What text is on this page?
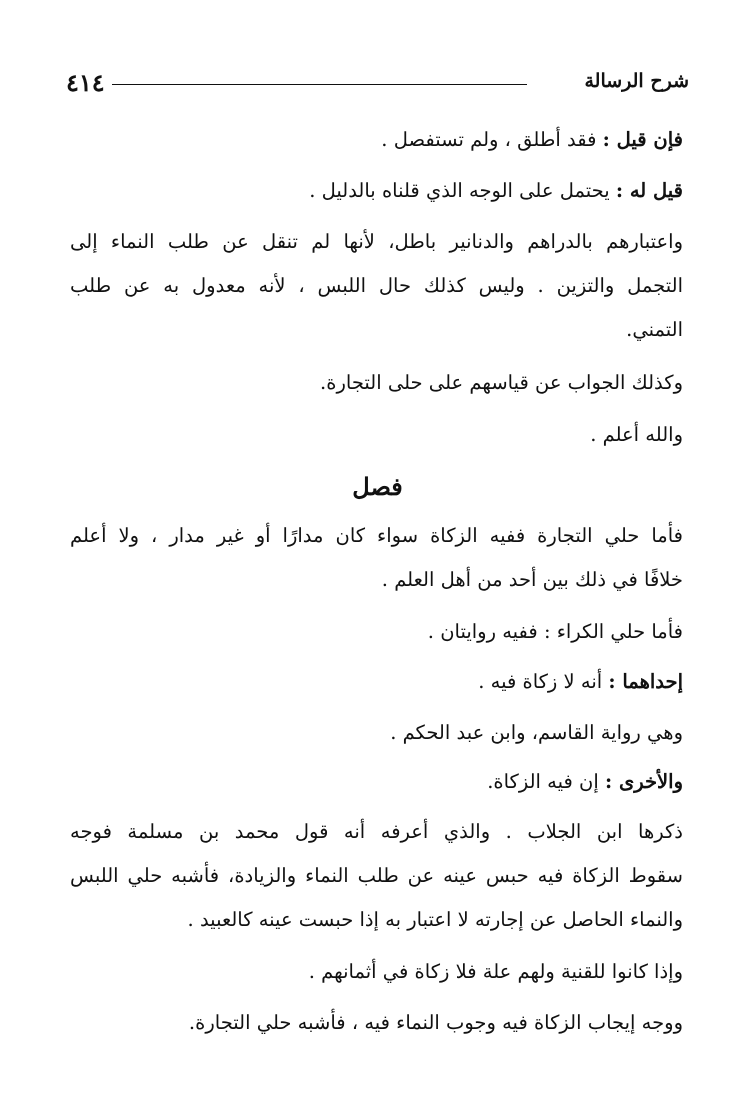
٤١٤	شرح الرسالة
فإن قيل : فقد أطلق ، ولم تستفصل .
قيل له : يحتمل على الوجه الذي قلناه بالدليل .
واعتبارهم بالدراهم والدنانير باطل، لأنها لم تنقل عن طلب النماء إلى
التجمل والتزين . وليس كذلك حال اللبس ، لأنه معدول به عن طلب
التمني.
وكذلك الجواب عن قياسهم على حلى التجارة.
والله أعلم .
فصل
فأما حلي التجارة ففيه الزكاة سواء كان مدارًا أو غير مدار ، ولا أعلم
خلافًا في ذلك بين أحد من أهل العلم .
فأما حلي الكراء : ففيه روايتان .
إحداهما : أنه لا زكاة فيه .
وهي رواية القاسم، وابن عبد الحكم .
والأخرى : إن فيه الزكاة.
ذكرها ابن الجلاب . والذي أعرفه أنه قول محمد بن مسلمة فوجه
سقوط الزكاة فيه حبس عينه عن طلب النماء والزيادة، فأشبه حلي اللبس
والنماء الحاصل عن إجارته لا اعتبار به إذا حبست عينه كالعبيد .
وإذا كانوا للقنية ولهم علة فلا زكاة في أثمانهم .
ووجه إيجاب الزكاة فيه وجوب النماء فيه ، فأشبه حلي التجارة.
